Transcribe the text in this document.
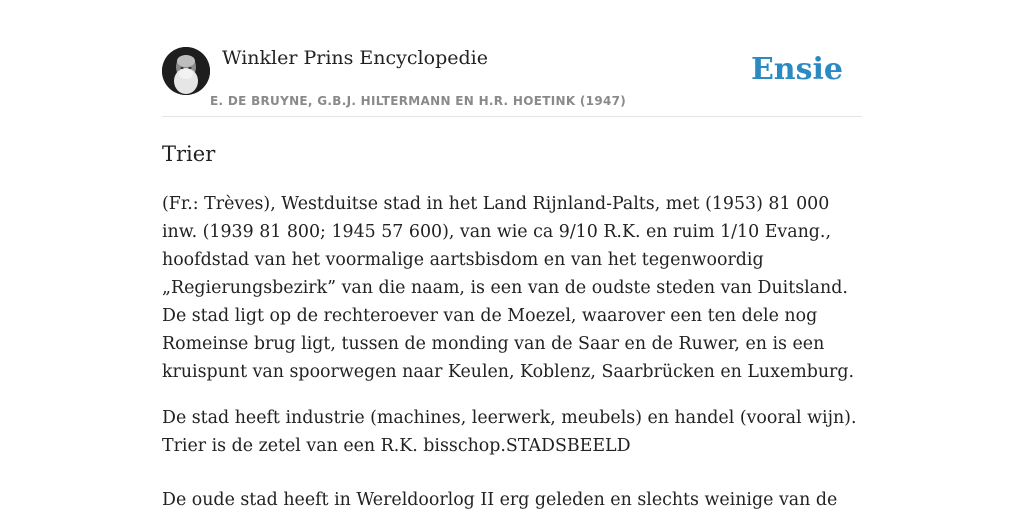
Winkler Prins Encyclopedie
E. DE BRUYNE, G.B.J. HILTERMANN EN H.R. HOETINK (1947)
Ensie
Trier

(Fr.: Trèves), Westduitse stad in het Land Rijnland-Palts, met (1953) 81 000 inw. (1939 81 800; 1945 57 600), van wie ca 9/10 R.K. en ruim 1/10 Evang., hoofdstad van het voormalige aartsbisdom en van het tegenwoordig „Regierungsbezirk” van die naam, is een van de oudste steden van Duitsland. De stad ligt op de rechteroever van de Moezel, waarover een ten dele nog Romeinse brug ligt, tussen de monding van de Saar en de Ruwer, en is een kruispunt van spoorwegen naar Keulen, Koblenz, Saarbrücken en Luxemburg.

De stad heeft industrie (machines, leerwerk, meubels) en handel (vooral wijn). Trier is de zetel van een R.K. bisschop.STADSBEELD

De oude stad heeft in Wereldoorlog II erg geleden en slechts weinige van de
